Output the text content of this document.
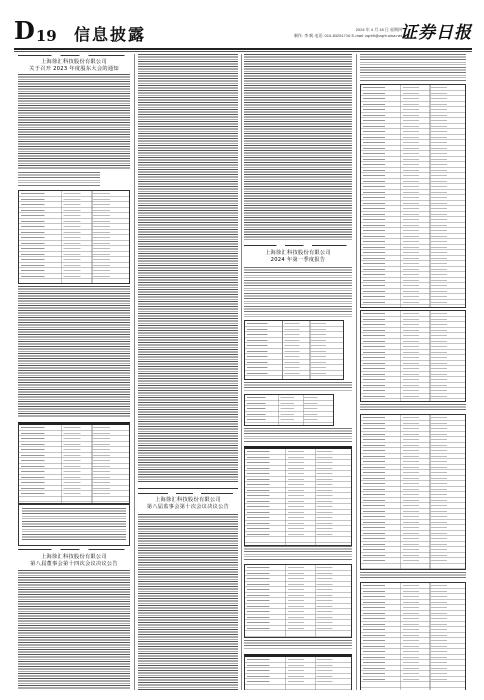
D19 信息披露	2024 年 4 月 18 日 星期四
制作: 李 帆 电话: 010-83251716 E-mail: zqrb9@zqrb.sina.net
证券日报
上海徐汇科技股份有限公司
关于召开 2023 年度股东大会的通知
上海徐汇科技股份有限公司
第八届董事会第十四次会议决议公告
上海徐汇科技股份有限公司
第八届监事会第十次会议决议公告
上海徐汇科技股份有限公司
2024 年第一季度报告
